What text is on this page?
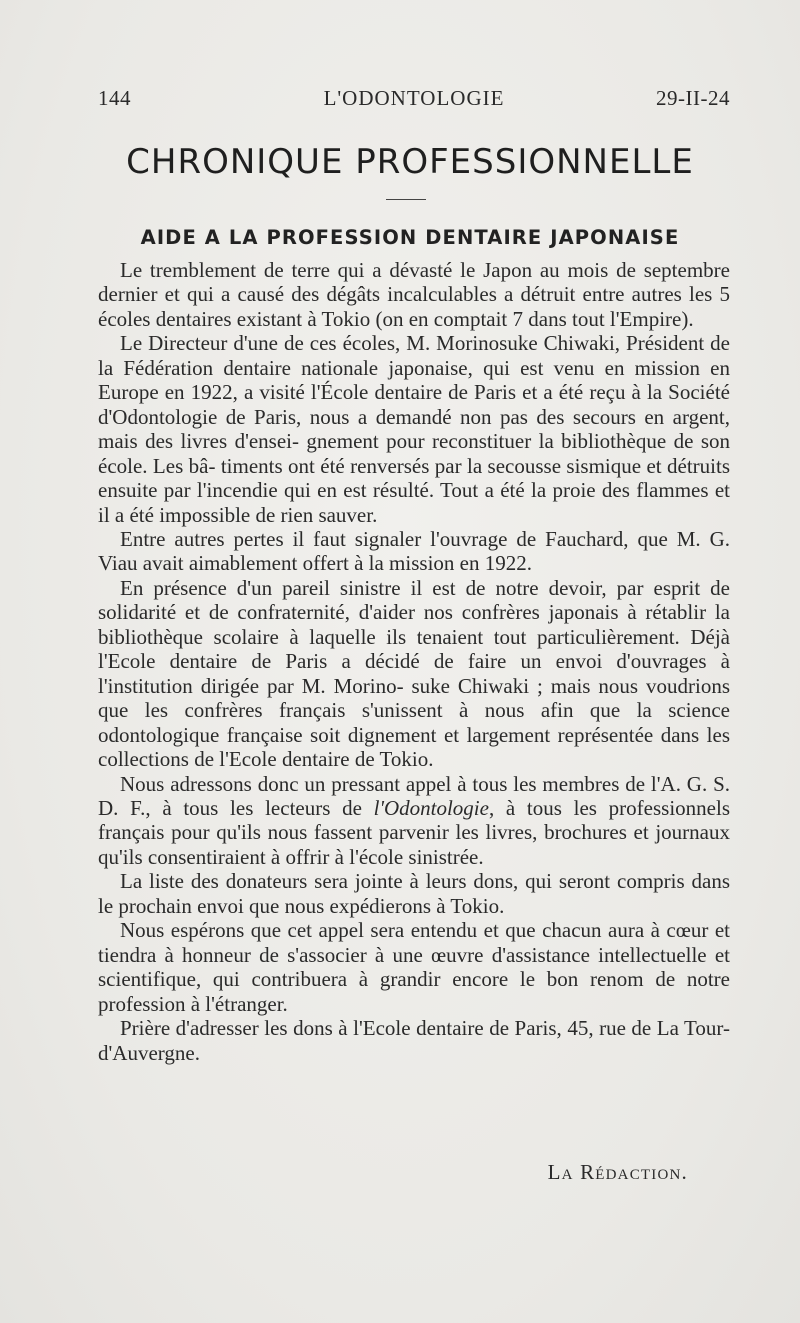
144	L'ODONTOLOGIE	29-II-24
CHRONIQUE PROFESSIONNELLE
AIDE A LA PROFESSION DENTAIRE JAPONAISE

Le tremblement de terre qui a dévasté le Japon au mois de septembre dernier et qui a causé des dégâts incalculables a détruit entre autres les 5 écoles dentaires existant à Tokio (on en comptait 7 dans tout l'Empire).

Le Directeur d'une de ces écoles, M. Morinosuke Chiwaki, Président de la Fédération dentaire nationale japonaise, qui est venu en mission en Europe en 1922, a visité l'École dentaire de Paris et a été reçu à la Société d'Odontologie de Paris, nous a demandé non pas des secours en argent, mais des livres d'ensei- gnement pour reconstituer la bibliothèque de son école. Les bâ- timents ont été renversés par la secousse sismique et détruits ensuite par l'incendie qui en est résulté. Tout a été la proie des flammes et il a été impossible de rien sauver.

Entre autres pertes il faut signaler l'ouvrage de Fauchard, que M. G. Viau avait aimablement offert à la mission en 1922.

En présence d'un pareil sinistre il est de notre devoir, par esprit de solidarité et de confraternité, d'aider nos confrères japonais à rétablir la bibliothèque scolaire à laquelle ils tenaient tout particulièrement. Déjà l'Ecole dentaire de Paris a décidé de faire un envoi d'ouvrages à l'institution dirigée par M. Morino- suke Chiwaki ; mais nous voudrions que les confrères français s'unissent à nous afin que la science odontologique française soit dignement et largement représentée dans les collections de l'Ecole dentaire de Tokio.

Nous adressons donc un pressant appel à tous les membres de l'A. G. S. D. F., à tous les lecteurs de l'Odontologie, à tous les professionnels français pour qu'ils nous fassent parvenir les livres, brochures et journaux qu'ils consentiraient à offrir à l'école sinistrée.

La liste des donateurs sera jointe à leurs dons, qui seront compris dans le prochain envoi que nous expédierons à Tokio.

Nous espérons que cet appel sera entendu et que chacun aura à cœur et tiendra à honneur de s'associer à une œuvre d'assistance intellectuelle et scientifique, qui contribuera à grandir encore le bon renom de notre profession à l'étranger.

Prière d'adresser les dons à l'Ecole dentaire de Paris, 45, rue de La Tour-d'Auvergne.

La Rédaction.
